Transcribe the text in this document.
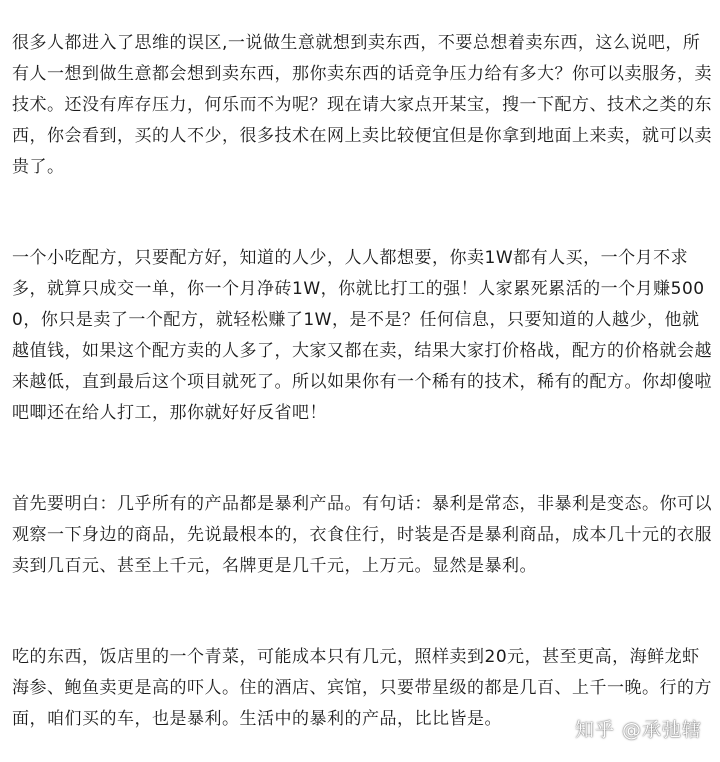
很多人都进入了思维的误区,一说做生意就想到卖东西，不要总想着卖东西，这么说吧，所有人一想到做生意都会想到卖东西，那你卖东西的话竞争压力给有多大？你可以卖服务，卖技术。还没有库存压力，何乐而不为呢？现在请大家点开某宝，搜一下配方、技术之类的东西，你会看到，买的人不少，很多技术在网上卖比较便宜但是你拿到地面上来卖，就可以卖贵了。

一个小吃配方，只要配方好，知道的人少，人人都想要，你卖1W都有人买，一个月不求多，就算只成交一单，你一个月净砖1W，你就比打工的强！人家累死累活的一个月赚5000，你只是卖了一个配方，就轻松赚了1W，是不是？任何信息，只要知道的人越少，他就越值钱，如果这个配方卖的人多了，大家又都在卖，结果大家打价格战，配方的价格就会越来越低，直到最后这个项目就死了。所以如果你有一个稀有的技术，稀有的配方。你却傻啦吧唧还在给人打工，那你就好好反省吧！

首先要明白：几乎所有的产品都是暴利产品。有句话：暴利是常态，非暴利是变态。你可以观察一下身边的商品，先说最根本的，衣食住行，时装是否是暴利商品，成本几十元的衣服卖到几百元、甚至上千元，名牌更是几千元，上万元。显然是暴利。

吃的东西，饭店里的一个青菜，可能成本只有几元，照样卖到20元，甚至更高，海鲜龙虾海参、鲍鱼卖更是高的吓人。住的酒店、宾馆，只要带星级的都是几百、上千一晚。行的方面，咱们买的车，也是暴利。生活中的暴利的产品，比比皆是。	知乎 @承弛辖
